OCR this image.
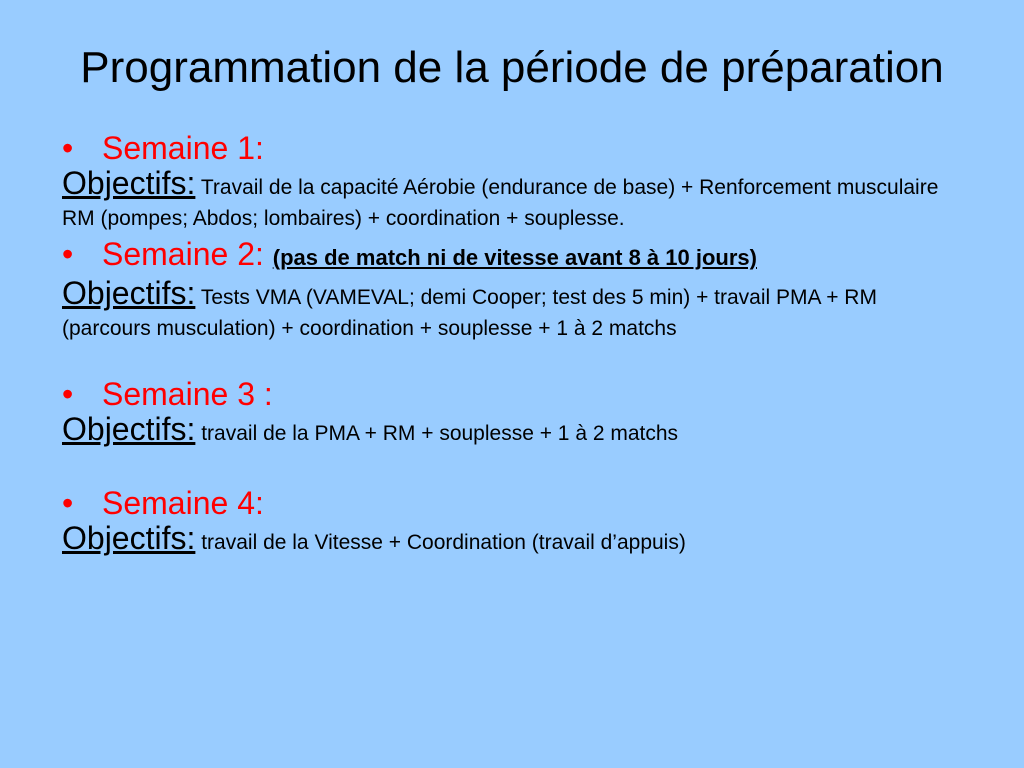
Programmation de la période de préparation
• Semaine 1:
Objectifs: Travail de la capacité Aérobie (endurance de base) + Renforcement musculaire RM (pompes; Abdos; lombaires) + coordination + souplesse.
• Semaine 2: (pas de match ni de vitesse avant 8 à 10 jours)
Objectifs: Tests VMA (VAMEVAL; demi Cooper; test des 5 min) + travail PMA + RM (parcours musculation) + coordination + souplesse + 1 à 2 matchs
• Semaine 3 :
Objectifs: travail de la PMA + RM + souplesse + 1 à 2 matchs
• Semaine 4:
Objectifs: travail de la Vitesse + Coordination (travail d’appuis)
